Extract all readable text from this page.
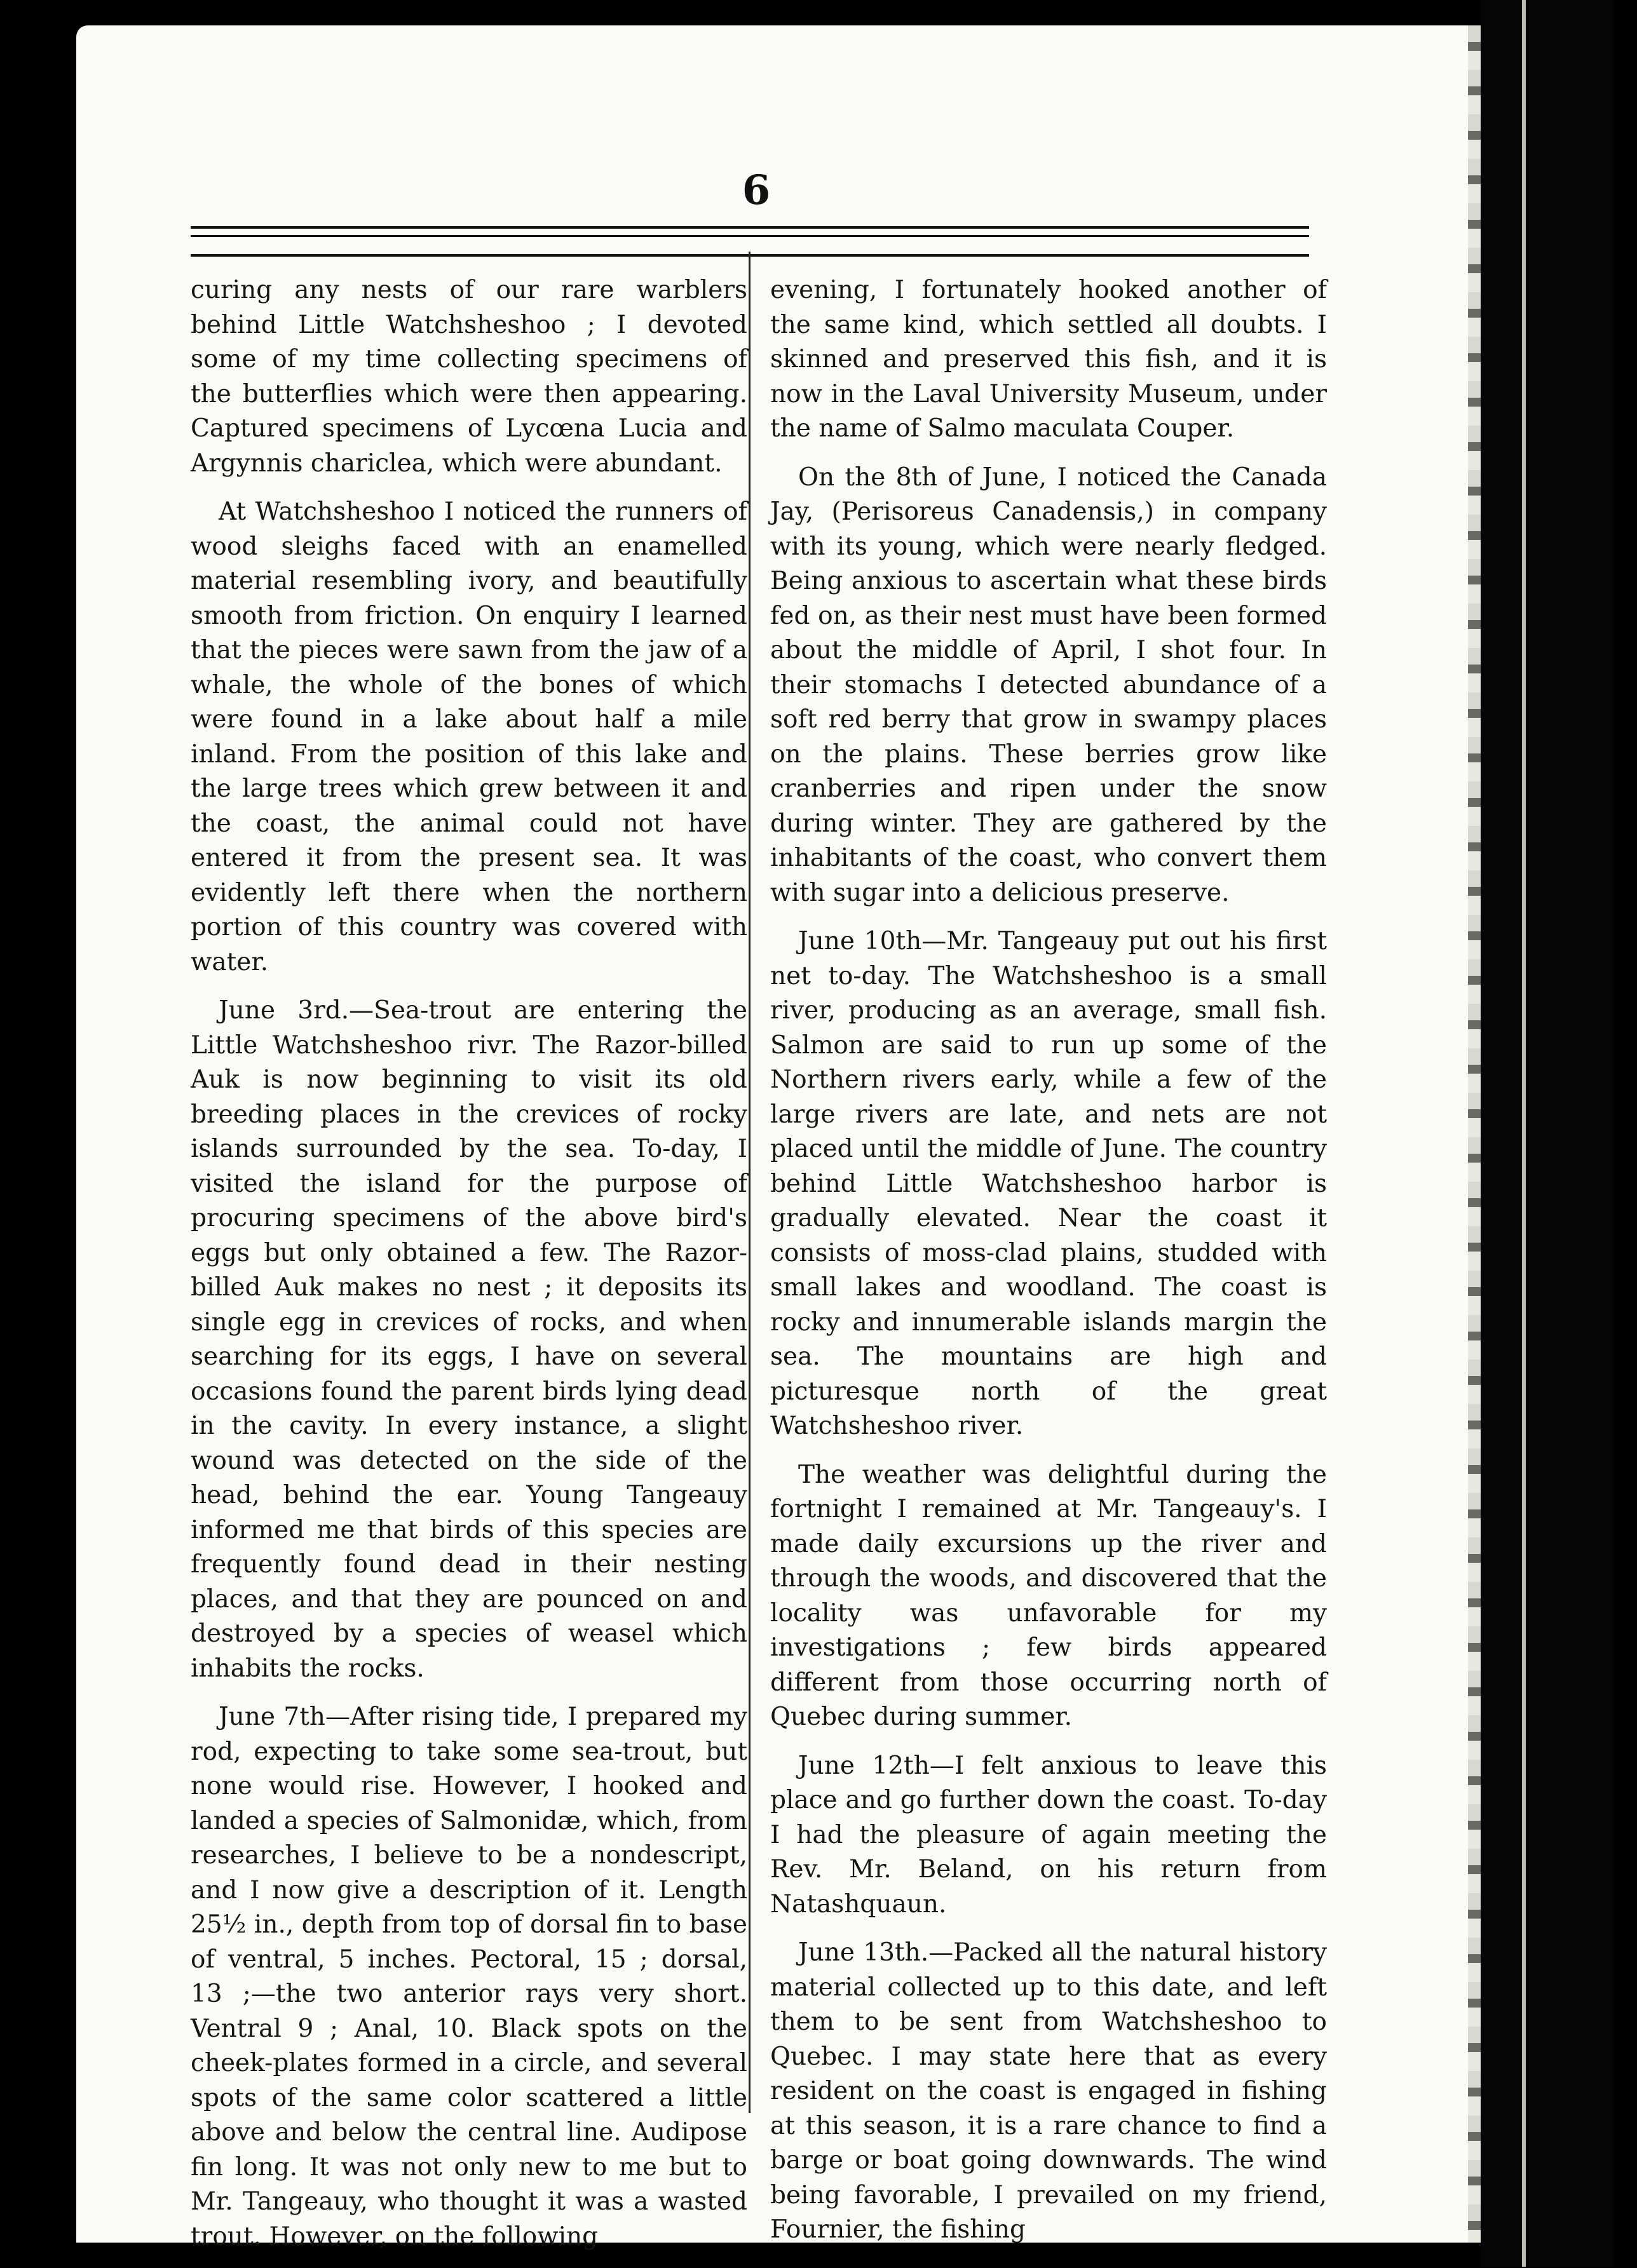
6

curing any nests of our rare warblers behind Little Watchsheshoo ; I devoted some of my time collecting specimens of the butterflies which were then appearing. Captured specimens of Lycœna Lucia and Argynnis chariclea, which were abundant.

At Watchsheshoo I noticed the runners of wood sleighs faced with an enamelled material resembling ivory, and beautifully smooth from friction. On enquiry I learned that the pieces were sawn from the jaw of a whale, the whole of the bones of which were found in a lake about half a mile inland. From the position of this lake and the large trees which grew between it and the coast, the animal could not have entered it from the present sea. It was evidently left there when the northern portion of this country was covered with water.

June 3rd.—Sea-trout are entering the Little Watchsheshoo rivr. The Razor-billed Auk is now beginning to visit its old breeding places in the crevices of rocky islands surrounded by the sea. To-day, I visited the island for the purpose of procuring specimens of the above bird's eggs but only obtained a few. The Razor-billed Auk makes no nest ; it deposits its single egg in crevices of rocks, and when searching for its eggs, I have on several occasions found the parent birds lying dead in the cavity. In every instance, a slight wound was detected on the side of the head, behind the ear. Young Tangeauy informed me that birds of this species are frequently found dead in their nesting places, and that they are pounced on and destroyed by a species of weasel which inhabits the rocks.

June 7th—After rising tide, I prepared my rod, expecting to take some sea-trout, but none would rise. However, I hooked and landed a species of Salmonidæ, which, from researches, I believe to be a nondescript, and I now give a description of it. Length 25½ in., depth from top of dorsal fin to base of ventral, 5 inches. Pectoral, 15 ; dorsal, 13 ;—the two anterior rays very short. Ventral 9 ; Anal, 10. Black spots on the cheek-plates formed in a circle, and several spots of the same color scattered a little above and below the central line. Audipose fin long. It was not only new to me but to Mr. Tangeauy, who thought it was a wasted trout. However, on the following

evening, I fortunately hooked another of the same kind, which settled all doubts. I skinned and preserved this fish, and it is now in the Laval University Museum, under the name of Salmo maculata Couper.

On the 8th of June, I noticed the Canada Jay, (Perisoreus Canadensis,) in company with its young, which were nearly fledged. Being anxious to ascertain what these birds fed on, as their nest must have been formed about the middle of April, I shot four. In their stomachs I detected abundance of a soft red berry that grow in swampy places on the plains. These berries grow like cranberries and ripen under the snow during winter. They are gathered by the inhabitants of the coast, who convert them with sugar into a delicious preserve.

June 10th—Mr. Tangeauy put out his first net to-day. The Watchsheshoo is a small river, producing as an average, small fish. Salmon are said to run up some of the Northern rivers early, while a few of the large rivers are late, and nets are not placed until the middle of June. The country behind Little Watchsheshoo harbor is gradually elevated. Near the coast it consists of moss-clad plains, studded with small lakes and woodland. The coast is rocky and innumerable islands margin the sea. The mountains are high and picturesque north of the great Watchsheshoo river.

The weather was delightful during the fortnight I remained at Mr. Tangeauy's. I made daily excursions up the river and through the woods, and discovered that the locality was unfavorable for my investigations ; few birds appeared different from those occurring north of Quebec during summer.

June 12th—I felt anxious to leave this place and go further down the coast. To-day I had the pleasure of again meeting the Rev. Mr. Beland, on his return from Natashquaun.

June 13th.—Packed all the natural history material collected up to this date, and left them to be sent from Watchsheshoo to Quebec. I may state here that as every resident on the coast is engaged in fishing at this season, it is a rare chance to find a barge or boat going downwards. The wind being favorable, I prevailed on my friend, Fournier, the fishing
